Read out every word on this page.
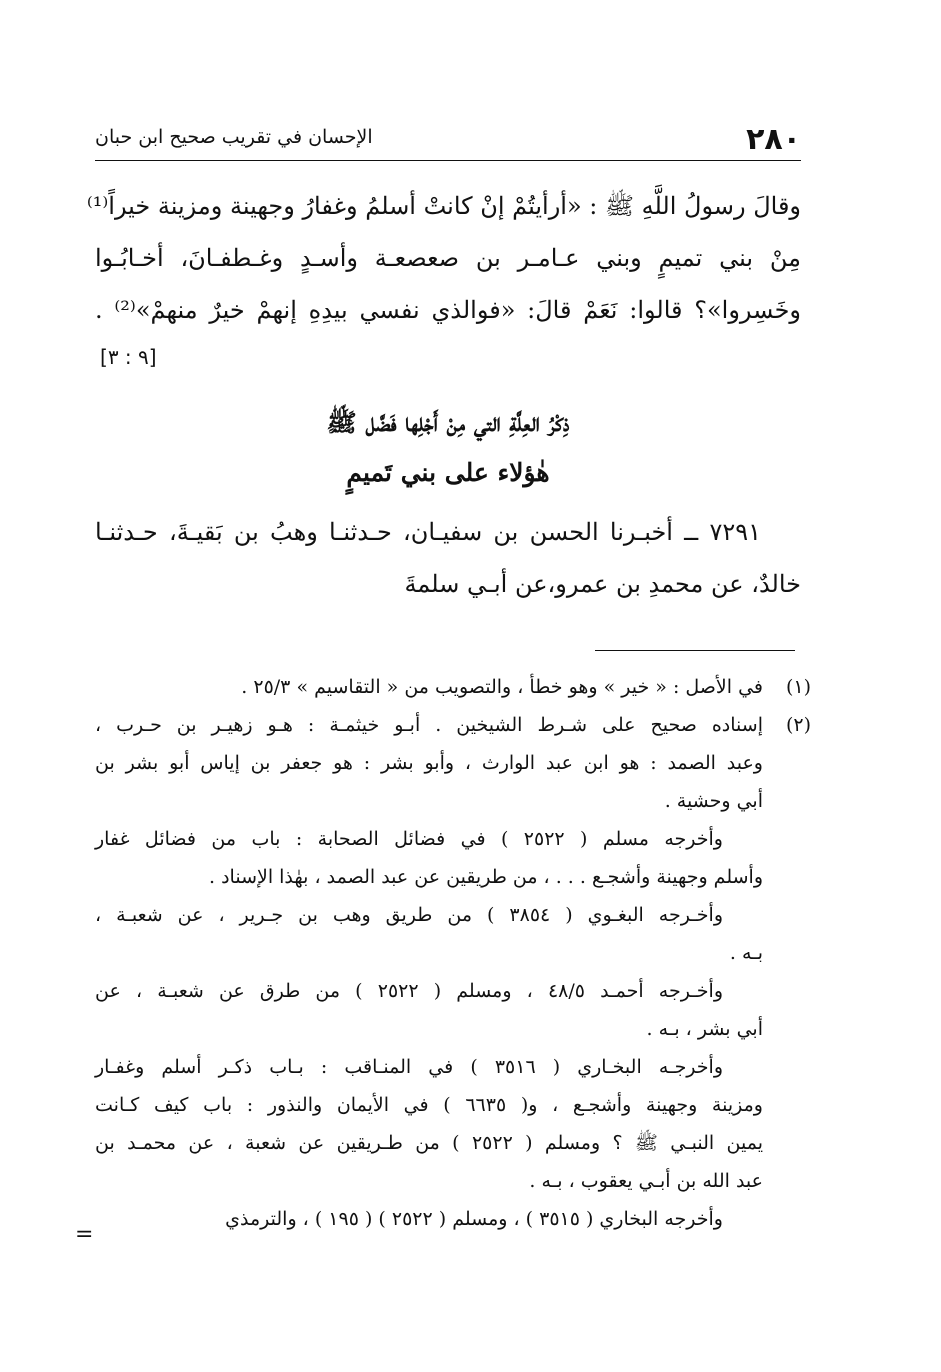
٢٨٠
الإحسان في تقريب صحيح ابن حبان
وقالَ رسولُ اللَّهِ ﷺ : «أرأيتُمْ إنْ كانتْ أسلمُ وغفارُ وجهينة ومزينة خيراً⁽¹⁾
مِنْ بني تميمٍ وبني عـامـر بن صعصعـة وأسـدٍ وغـطفـانَ، أخـابُـوا
وخَسِروا»؟ قالوا: نَعَمْ قالَ: «فوالذي نفسي بيدِهِ إنهمْ خيرٌ منهمْ»⁽²⁾ .
[٩ : ٣]
ذِكْرُ العِلَّةِ التي مِنْ أَجْلِها فَضَّل ﷺ
هٰؤلاء على بني تَميمٍ
٧٢٩١ ــ أخبـرنا الحسن بن سفيـان، حـدثنـا وهبُ بن بَقيـةَ، حـدثنـا
خالدٌ، عن محمدِ بن عمرو،عن أبـي سلمةَ
(١)
في الأصل : « خير » وهو خطأ ، والتصويب من « التقاسيم » ٢٥/٣ .
(٢)
إسناده صحيح على شـرط الشيخين . أبـو خيثمـة : هـو زهيـر بن حـرب ،
وعبد الصمد : هو ابن عبد الوارث ، وأبو بشر : هو جعفر بن إياس أبو بشر بن
أبي وحشية .
وأخرجه مسلم ( ٢٥٢٢ ) في فضائل الصحابة : باب من فضائل غفار
وأسلم وجهينة وأشجـع . . . ، من طريقين عن عبد الصمد ، بهٰذا الإسناد .
وأخـرجه البغـوي ( ٣٨٥٤ ) من طريق وهب بن جـرير ، عن شعبـة ،
بـه .
وأخـرجه أحمـد ٤٨/٥ ، ومسلم ( ٢٥٢٢ ) من طرق عن شعبـة ، عن
أبي بشر ، بـه .
وأخرجـه البخـاري ( ٣٥١٦ ) في المنـاقب : بـاب ذكـر أسلم وغفـار
ومزينة وجهينة وأشجـع ، و( ٦٦٣٥ ) في الأيمان والنذور : باب كيف كـانت
يمين النبـي ﷺ ؟ ومسلم ( ٢٥٢٢ ) من طـريقين عن شعبة ، عن محمـد بن
عبد الله بن أبـي يعقوب ، بـه .
وأخرجه البخاري ( ٣٥١٥ ) ، ومسلم ( ٢٥٢٢ ) ( ١٩٥ ) ، والترمذي
=
